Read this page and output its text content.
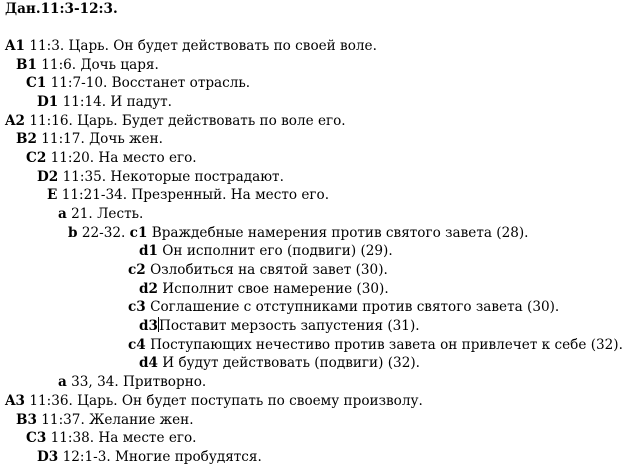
Дан.11:3-12:3.
A1 11:3. Царь. Он будет действовать по своей воле.
B1 11:6. Дочь царя.
C1 11:7-10. Восстанет отрасль.
D1 11:14. И падут.
A2 11:16. Царь. Будет действовать по воле его.
B2 11:17. Дочь жен.
C2 11:20. На место его.
D2 11:35. Некоторые пострадают.
E 11:21-34. Презренный. На место его.
a 21. Лесть.
b 22-32. c1 Враждебные намерения против святого завета (28).
d1 Он исполнит его (подвиги) (29).
c2 Озлобиться на святой завет (30).
d2 Исполнит свое намерение (30).
c3 Соглашение с отступниками против святого завета (30).
d3Поставит мерзость запустения (31).
c4 Поступающих нечестиво против завета он привлечет к себе (32).
d4 И будут действовать (подвиги) (32).
a 33, 34. Притворно.
A3 11:36. Царь. Он будет поступать по своему произволу.
B3 11:37. Желание жен.
C3 11:38. На месте его.
D3 12:1-3. Многие пробудятся.
